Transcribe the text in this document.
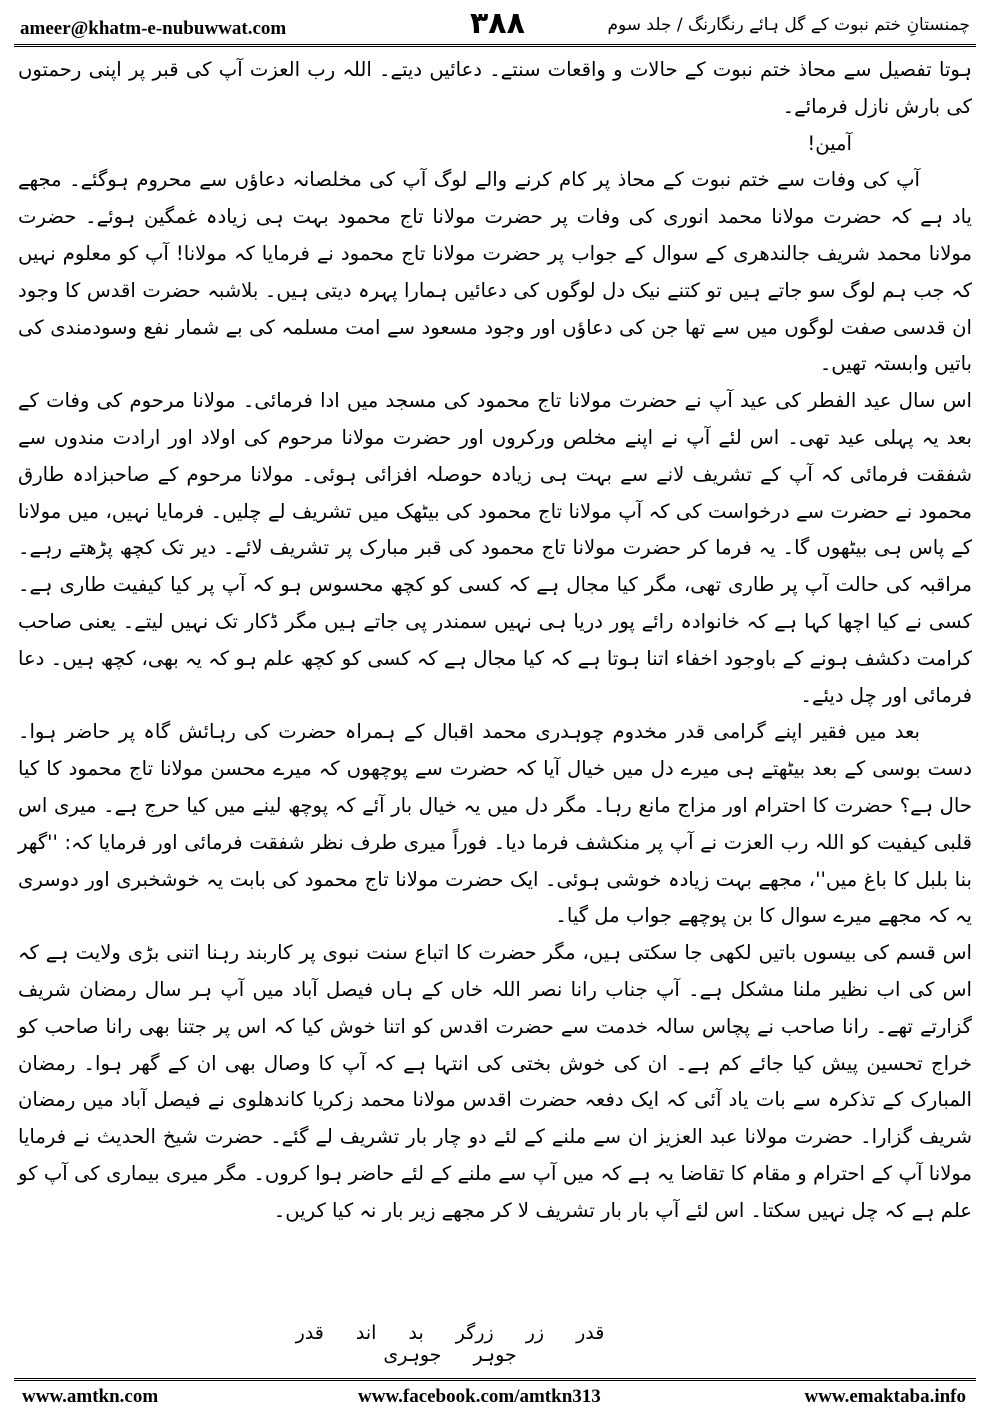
ameer@khatm-e-nubuwwat.com	۳۸۸	چمنستانِ ختم نبوت کے گل ہائے رنگارنگ / جلد سوم

ہوتا تفصیل سے محاذ ختم نبوت کے حالات و واقعات سنتے۔ دعائیں دیتے۔ اللہ رب العزت آپ کی قبر پر اپنی رحمتوں کی بارش نازل فرمائے۔

آمین!

آپ کی وفات سے ختم نبوت کے محاذ پر کام کرنے والے لوگ آپ کی مخلصانہ دعاؤں سے محروم ہوگئے۔ مجھے یاد ہے کہ حضرت مولانا محمد انوری کی وفات پر حضرت مولانا تاج محمود بہت ہی زیادہ غمگین ہوئے۔ حضرت مولانا محمد شریف جالندھری کے سوال کے جواب پر حضرت مولانا تاج محمود نے فرمایا کہ مولانا! آپ کو معلوم نہیں کہ جب ہم لوگ سو جاتے ہیں تو کتنے نیک دل لوگوں کی دعائیں ہمارا پہرہ دیتی ہیں۔ بلاشبہ حضرت اقدس کا وجود ان قدسی صفت لوگوں میں سے تھا جن کی دعاؤں اور وجود مسعود سے امت مسلمہ کی بے شمار نفع وسودمندی کی باتیں وابستہ تھیں۔

اس سال عید الفطر کی عید آپ نے حضرت مولانا تاج محمود کی مسجد میں ادا فرمائی۔ مولانا مرحوم کی وفات کے بعد یہ پہلی عید تھی۔ اس لئے آپ نے اپنے مخلص ورکروں اور حضرت مولانا مرحوم کی اولاد اور ارادت مندوں سے شفقت فرمائی کہ آپ کے تشریف لانے سے بہت ہی زیادہ حوصلہ افزائی ہوئی۔ مولانا مرحوم کے صاحبزادہ طارق محمود نے حضرت سے درخواست کی کہ آپ مولانا تاج محمود کی بیٹھک میں تشریف لے چلیں۔ فرمایا نہیں، میں مولانا کے پاس ہی بیٹھوں گا۔ یہ فرما کر حضرت مولانا تاج محمود کی قبر مبارک پر تشریف لائے۔ دیر تک کچھ پڑھتے رہے۔ مراقبہ کی حالت آپ پر طاری تھی، مگر کیا مجال ہے کہ کسی کو کچھ محسوس ہو کہ آپ پر کیا کیفیت طاری ہے۔ کسی نے کیا اچھا کہا ہے کہ خانوادہ رائے پور دریا ہی نہیں سمندر پی جاتے ہیں مگر ڈکار تک نہیں لیتے۔ یعنی صاحب کرامت دکشف ہونے کے باوجود اخفاء اتنا ہوتا ہے کہ کیا مجال ہے کہ کسی کو کچھ علم ہو کہ یہ بھی، کچھ ہیں۔ دعا فرمائی اور چل دیئے۔

بعد میں فقیر اپنے گرامی قدر مخدوم چوہدری محمد اقبال کے ہمراہ حضرت کی رہائش گاہ پر حاضر ہوا۔ دست بوسی کے بعد بیٹھتے ہی میرے دل میں خیال آیا کہ حضرت سے پوچھوں کہ میرے محسن مولانا تاج محمود کا کیا حال ہے؟ حضرت کا احترام اور مزاج مانع رہا۔ مگر دل میں یہ خیال بار آئے کہ پوچھ لینے میں کیا حرج ہے۔ میری اس قلبی کیفیت کو اللہ رب العزت نے آپ پر منکشف فرما دیا۔ فوراً میری طرف نظر شفقت فرمائی اور فرمایا کہ: ''گھر بنا بلبل کا باغ میں''، مجھے بہت زیادہ خوشی ہوئی۔ ایک حضرت مولانا تاج محمود کی بابت یہ خوشخبری اور دوسری یہ کہ مجھے میرے سوال کا بن پوچھے جواب مل گیا۔

اس قسم کی بیسوں باتیں لکھی جا سکتی ہیں، مگر حضرت کا اتباع سنت نبوی پر کاربند رہنا اتنی بڑی ولایت ہے کہ اس کی اب نظیر ملنا مشکل ہے۔ آپ جناب رانا نصر اللہ خاں کے ہاں فیصل آباد میں آپ ہر سال رمضان شریف گزارتے تھے۔ رانا صاحب نے پچاس سالہ خدمت سے حضرت اقدس کو اتنا خوش کیا کہ اس پر جتنا بھی رانا صاحب کو خراج تحسین پیش کیا جائے کم ہے۔ ان کی خوش بختی کی انتہا ہے کہ آپ کا وصال بھی ان کے گھر ہوا۔ رمضان المبارک کے تذکرہ سے بات یاد آئی کہ ایک دفعہ حضرت اقدس مولانا محمد زکریا کاندھلوی نے فیصل آباد میں رمضان شریف گزارا۔ حضرت مولانا عبد العزیز ان سے ملنے کے لئے دو چار بار تشریف لے گئے۔ حضرت شیخ الحدیث نے فرمایا مولانا آپ کے احترام و مقام کا تقاضا یہ ہے کہ میں آپ سے ملنے کے لئے حاضر ہوا کروں۔ مگر میری بیماری کی آپ کو علم ہے کہ چل نہیں سکتا۔ اس لئے آپ بار بار تشریف لا کر مجھے زیر بار نہ کیا کریں۔

قدر زر زرگر بد اند قدر جوہر جوہری
www.amtkn.com	www.facebook.com/amtkn313	www.emaktaba.info
